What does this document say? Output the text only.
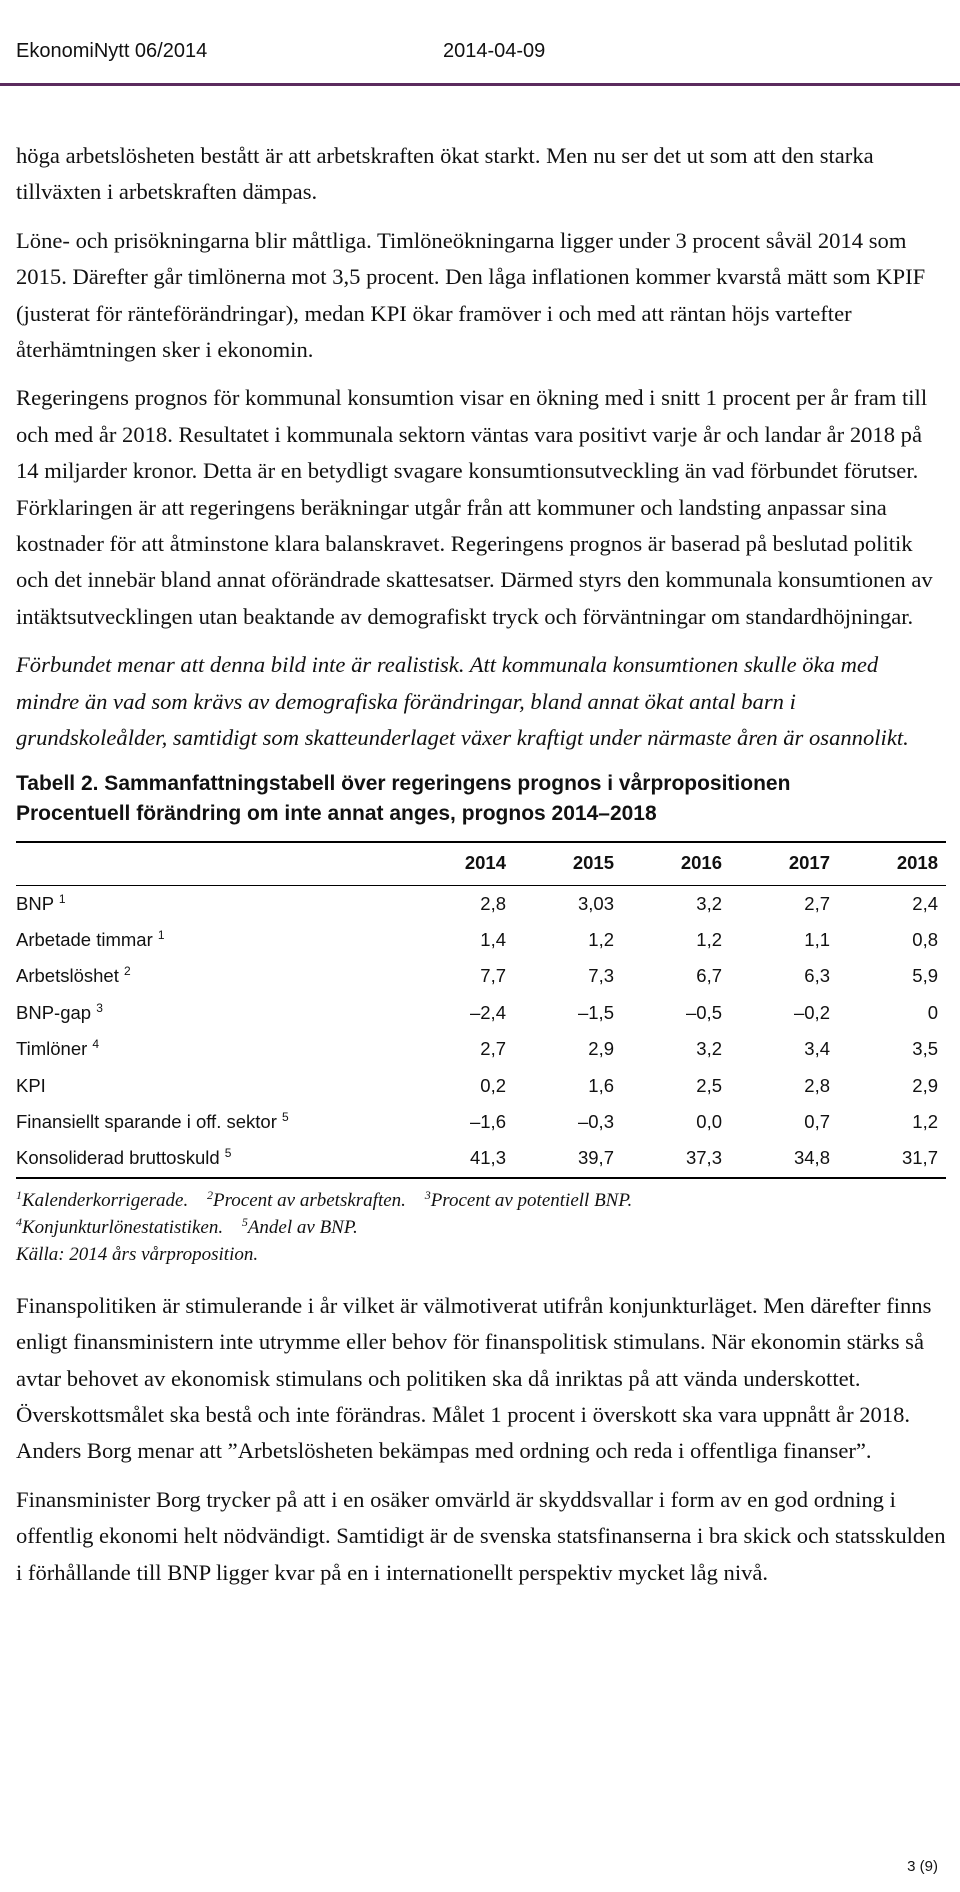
EkonomiNytt 06/2014	2014-04-09

höga arbetslösheten bestått är att arbetskraften ökat starkt. Men nu ser det ut som att den starka tillväxten i arbetskraften dämpas.

Löne- och prisökningarna blir måttliga. Timlöneökningarna ligger under 3 procent såväl 2014 som 2015. Därefter går timlönerna mot 3,5 procent. Den låga inflationen kommer kvarstå mätt som KPIF (justerat för ränteförändringar), medan KPI ökar framöver i och med att räntan höjs vartefter återhämtningen sker i ekonomin.

Regeringens prognos för kommunal konsumtion visar en ökning med i snitt 1 procent per år fram till och med år 2018. Resultatet i kommunala sektorn väntas vara positivt varje år och landar år 2018 på 14 miljarder kronor. Detta är en betydligt svagare konsumtionsutveckling än vad förbundet förutser. Förklaringen är att regeringens beräkningar utgår från att kommuner och landsting anpassar sina kostnader för att åtminstone klara balanskravet. Regeringens prognos är baserad på beslutad politik och det innebär bland annat oförändrade skattesatser. Därmed styrs den kommunala konsumtionen av intäktsutvecklingen utan beaktande av demografiskt tryck och förväntningar om standardhöjningar.

Förbundet menar att denna bild inte är realistisk. Att kommunala konsumtionen skulle öka med mindre än vad som krävs av demografiska förändringar, bland annat ökat antal barn i grundskoleålder, samtidigt som skatteunderlaget växer kraftigt under närmaste åren är osannolikt.

Tabell 2. Sammanfattningstabell över regeringens prognos i vårpropositionen
Procentuell förändring om inte annat anges, prognos 2014–2018
	2014	2015	2016	2017	2018
BNP $^1$	2,8	3,03	3,2	2,7	2,4
Arbetade timmar $^1$	1,4	1,2	1,2	1,1	0,8
Arbetslöshet $^2$	7,7	7,3	6,7	6,3	5,9
BNP-gap $^3$	–2,4	–1,5	–0,5	–0,2	0
Timlöner $^4$	2,7	2,9	3,2	3,4	3,5
KPI	0,2	1,6	2,5	2,8	2,9
Finansiellt sparande i off. sektor $^5$	–1,6	–0,3	0,0	0,7	1,2
Konsoliderad bruttoskuld $^5$	41,3	39,7	37,3	34,8	31,7
$^1$Kalenderkorrigerade. $^2$Procent av arbetskraften. $^3$Procent av potentiell BNP.
$^4$Konjunkturlönestatistiken. $^5$Andel av BNP.
Källa: 2014 års vårproposition.

Finanspolitiken är stimulerande i år vilket är välmotiverat utifrån konjunkturläget. Men därefter finns enligt finansministern inte utrymme eller behov för finanspolitisk stimulans. När ekonomin stärks så avtar behovet av ekonomisk stimulans och politiken ska då inriktas på att vända underskottet. Överskottsmålet ska bestå och inte förändras. Målet 1 procent i överskott ska vara uppnått år 2018. Anders Borg menar att ”Arbetslösheten bekämpas med ordning och reda i offentliga finanser”.

Finansminister Borg trycker på att i en osäker omvärld är skyddsvallar i form av en god ordning i offentlig ekonomi helt nödvändigt. Samtidigt är de svenska statsfinanserna i bra skick och statsskulden i förhållande till BNP ligger kvar på en i internationellt perspektiv mycket låg nivå.

3 (9)
